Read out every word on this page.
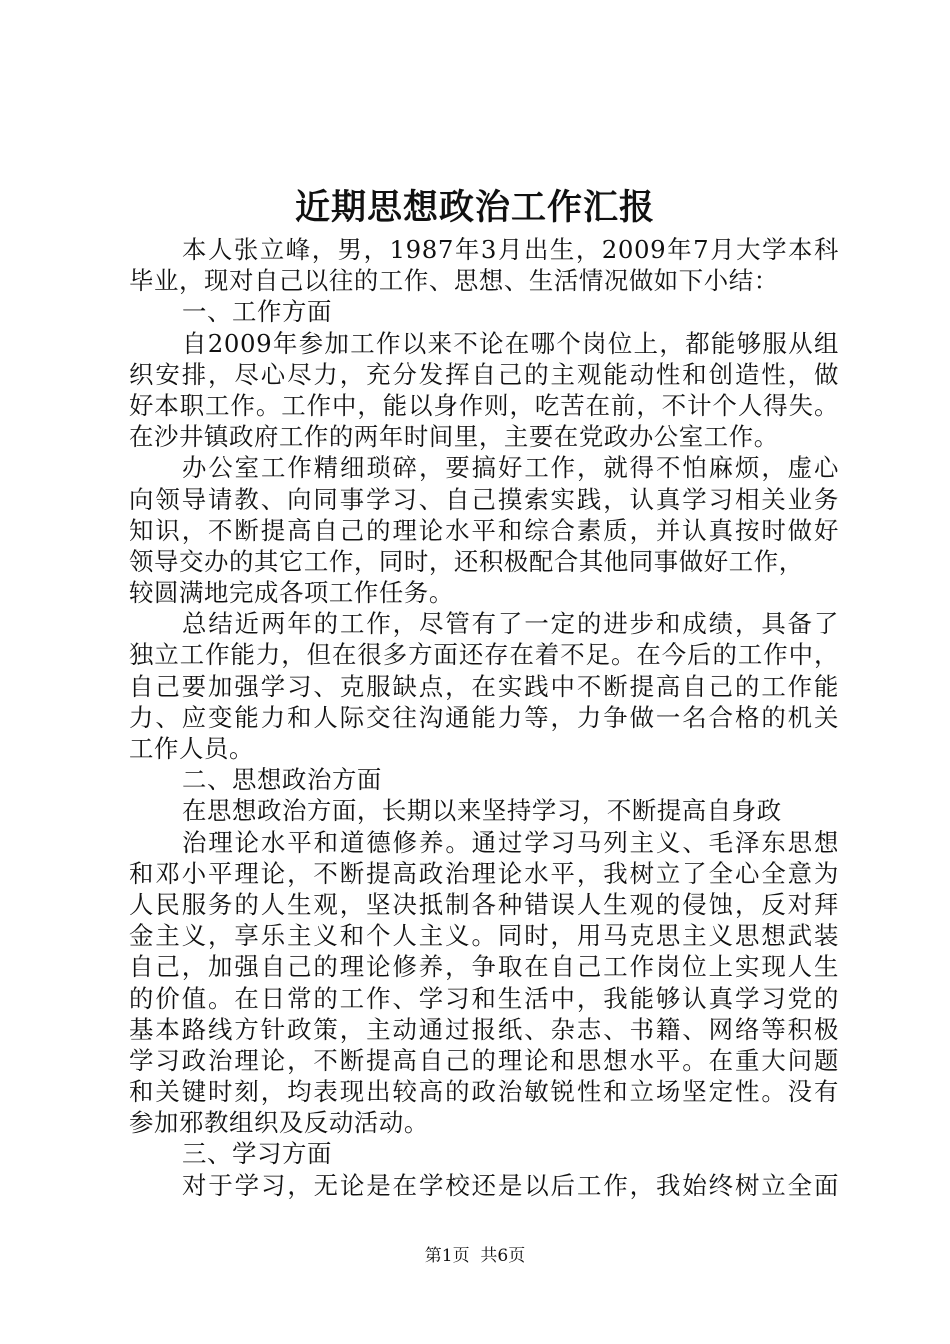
近期思想政治工作汇报
本人张立峰，男，1987年3月出生，2009年7月大学本科
毕业，现对自己以往的工作、思想、生活情况做如下小结：
一、工作方面
自2009年参加工作以来不论在哪个岗位上，都能够服从组
织安排，尽心尽力，充分发挥自己的主观能动性和创造性，做
好本职工作。工作中，能以身作则，吃苦在前，不计个人得失。
在沙井镇政府工作的两年时间里，主要在党政办公室工作。
办公室工作精细琐碎，要搞好工作，就得不怕麻烦，虚心
向领导请教、向同事学习、自己摸索实践，认真学习相关业务
知识，不断提高自己的理论水平和综合素质，并认真按时做好
领导交办的其它工作，同时，还积极配合其他同事做好工作，
较圆满地完成各项工作任务。
总结近两年的工作，尽管有了一定的进步和成绩，具备了
独立工作能力，但在很多方面还存在着不足。在今后的工作中，
自己要加强学习、克服缺点，在实践中不断提高自己的工作能
力、应变能力和人际交往沟通能力等，力争做一名合格的机关
工作人员。
二、思想政治方面
在思想政治方面，长期以来坚持学习，不断提高自身政
治理论水平和道德修养。通过学习马列主义、毛泽东思想
和邓小平理论，不断提高政治理论水平，我树立了全心全意为
人民服务的人生观，坚决抵制各种错误人生观的侵蚀，反对拜
金主义，享乐主义和个人主义。同时，用马克思主义思想武装
自己，加强自己的理论修养，争取在自己工作岗位上实现人生
的价值。在日常的工作、学习和生活中，我能够认真学习党的
基本路线方针政策，主动通过报纸、杂志、书籍、网络等积极
学习政治理论，不断提高自己的理论和思想水平。在重大问题
和关键时刻，均表现出较高的政治敏锐性和立场坚定性。没有
参加邪教组织及反动活动。
三、学习方面
对于学习，无论是在学校还是以后工作，我始终树立全面
第1页  共6页
